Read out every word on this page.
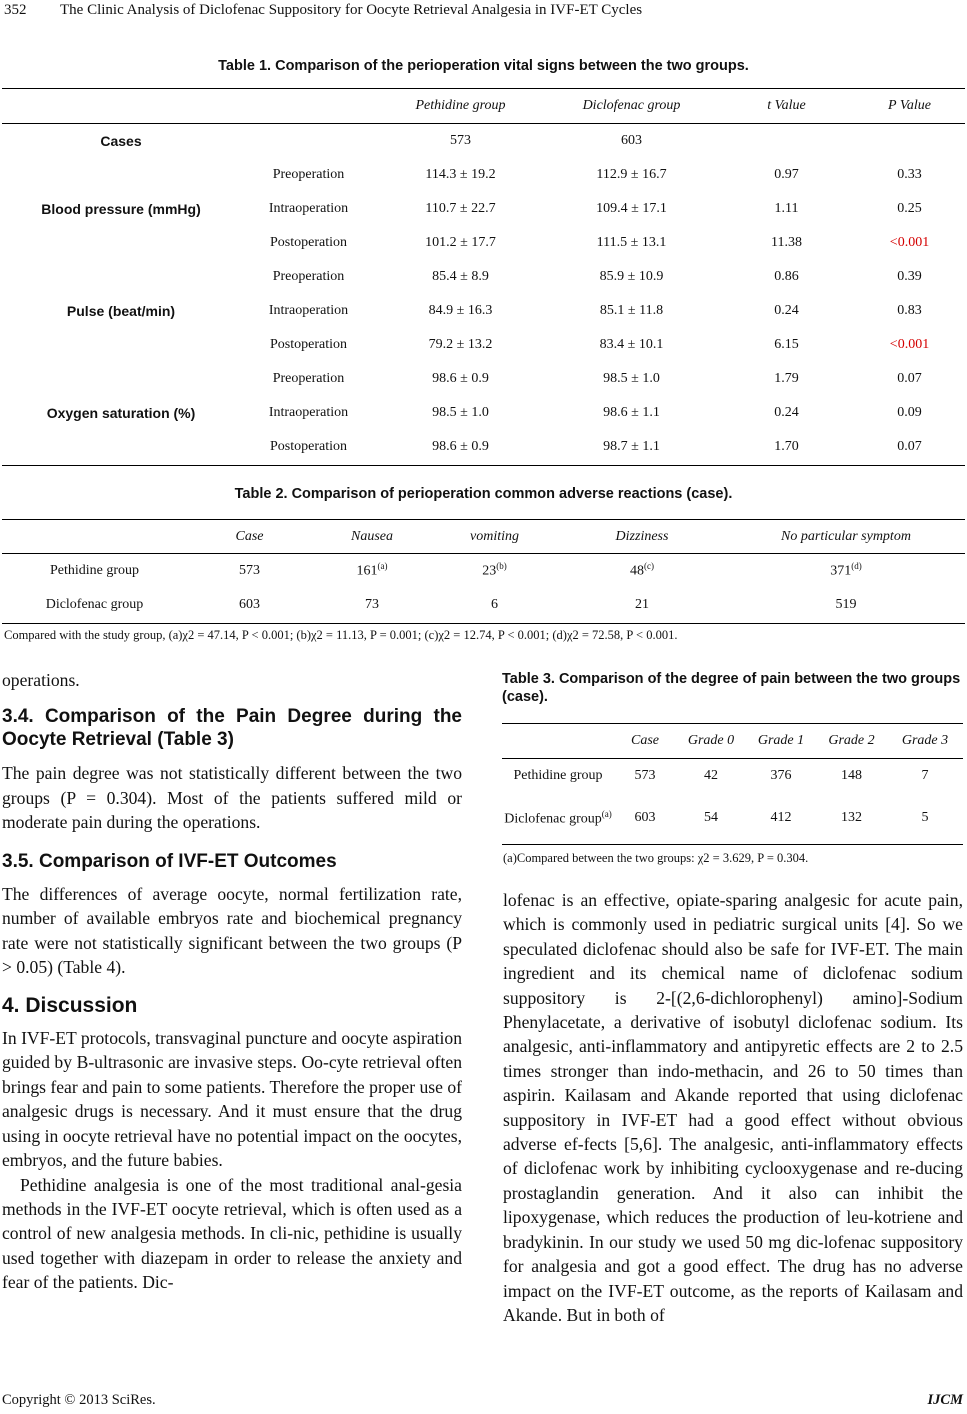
352 The Clinic Analysis of Diclofenac Suppository for Oocyte Retrieval Analgesia in IVF-ET Cycles
Table 1. Comparison of the perioperation vital signs between the two groups.
		Pethidine group	Diclofenac group	t Value	P Value
Cases		573	603		
Blood pressure (mmHg)	Preoperation	114.3 ± 19.2	112.9 ± 16.7	0.97	0.33
	Intraoperation	110.7 ± 22.7	109.4 ± 17.1	1.11	0.25
	Postoperation	101.2 ± 17.7	111.5 ± 13.1	11.38	<0.001
Pulse (beat/min)	Preoperation	85.4 ± 8.9	85.9 ± 10.9	0.86	0.39
	Intraoperation	84.9 ± 16.3	85.1 ± 11.8	0.24	0.83
	Postoperation	79.2 ± 13.2	83.4 ± 10.1	6.15	<0.001
Oxygen saturation (%)	Preoperation	98.6 ± 0.9	98.5 ± 1.0	1.79	0.07
	Intraoperation	98.5 ± 1.0	98.6 ± 1.1	0.24	0.09
	Postoperation	98.6 ± 0.9	98.7 ± 1.1	1.70	0.07
Table 2. Comparison of perioperation common adverse reactions (case).
	Case	Nausea	vomiting	Dizziness	No particular symptom
Pethidine group	573	161$^{(a)}$	23$^{(b)}$	48$^{(c)}$	371$^{(d)}$
Diclofenac group	603	73	6	21	519
Compared with the study group, (a)χ2 = 47.14, P < 0.001; (b)χ2 = 11.13, P = 0.001; (c)χ2 = 12.74, P < 0.001; (d)χ2 = 72.58, P < 0.001.

operations.

3.4. Comparison of the Pain Degree during the Oocyte Retrieval (Table 3)

The pain degree was not statistically different between the two groups (P = 0.304). Most of the patients suffered mild or moderate pain during the operations.

3.5. Comparison of IVF-ET Outcomes

The differences of average oocyte, normal fertilization rate, number of available embryos rate and biochemical pregnancy rate were not statistically significant between the two groups (P > 0.05) (Table 4).

4. Discussion

In IVF-ET protocols, transvaginal puncture and oocyte aspiration guided by B-ultrasonic are invasive steps. Oo-cyte retrieval often brings fear and pain to some patients. Therefore the proper use of analgesic drugs is necessary. And it must ensure that the drug using in oocyte retrieval have no potential impact on the oocytes, embryos, and the future babies.

Pethidine analgesia is one of the most traditional anal-gesia methods in the IVF-ET oocyte retrieval, which is often used as a control of new analgesia methods. In cli-nic, pethidine is usually used together with diazepam in order to release the anxiety and fear of the patients. Dic-

Table 3. Comparison of the degree of pain between the two groups (case).
	Case	Grade 0	Grade 1	Grade 2	Grade 3
Pethidine group	573	42	376	148	7
Diclofenac group$^{(a)}$	603	54	412	132	5
(a)Compared between the two groups: χ2 = 3.629, P = 0.304.

lofenac is an effective, opiate-sparing analgesic for acute pain, which is commonly used in pediatric surgical units [4]. So we speculated diclofenac should also be safe for IVF-ET. The main ingredient and its chemical name of diclofenac sodium suppository is 2-[(2,6-dichlorophenyl) amino]-Sodium Phenylacetate, a derivative of isobutyl diclofenac sodium. Its analgesic, anti-inflammatory and antipyretic effects are 2 to 2.5 times stronger than indo-methacin, and 26 to 50 times than aspirin. Kailasam and Akande reported that using diclofenac suppository in IVF-ET had a good effect without obvious adverse ef-fects [5,6]. The analgesic, anti-inflammatory effects of diclofenac work by inhibiting cyclooxygenase and re-ducing prostaglandin generation. And it also can inhibit the lipoxygenase, which reduces the production of leu-kotriene and bradykinin. In our study we used 50 mg dic-lofenac suppository for analgesia and got a good effect. The drug has no adverse impact on the IVF-ET outcome, as the reports of Kailasam and Akande. But in both of

Copyright © 2013 SciRes.	IJCM
